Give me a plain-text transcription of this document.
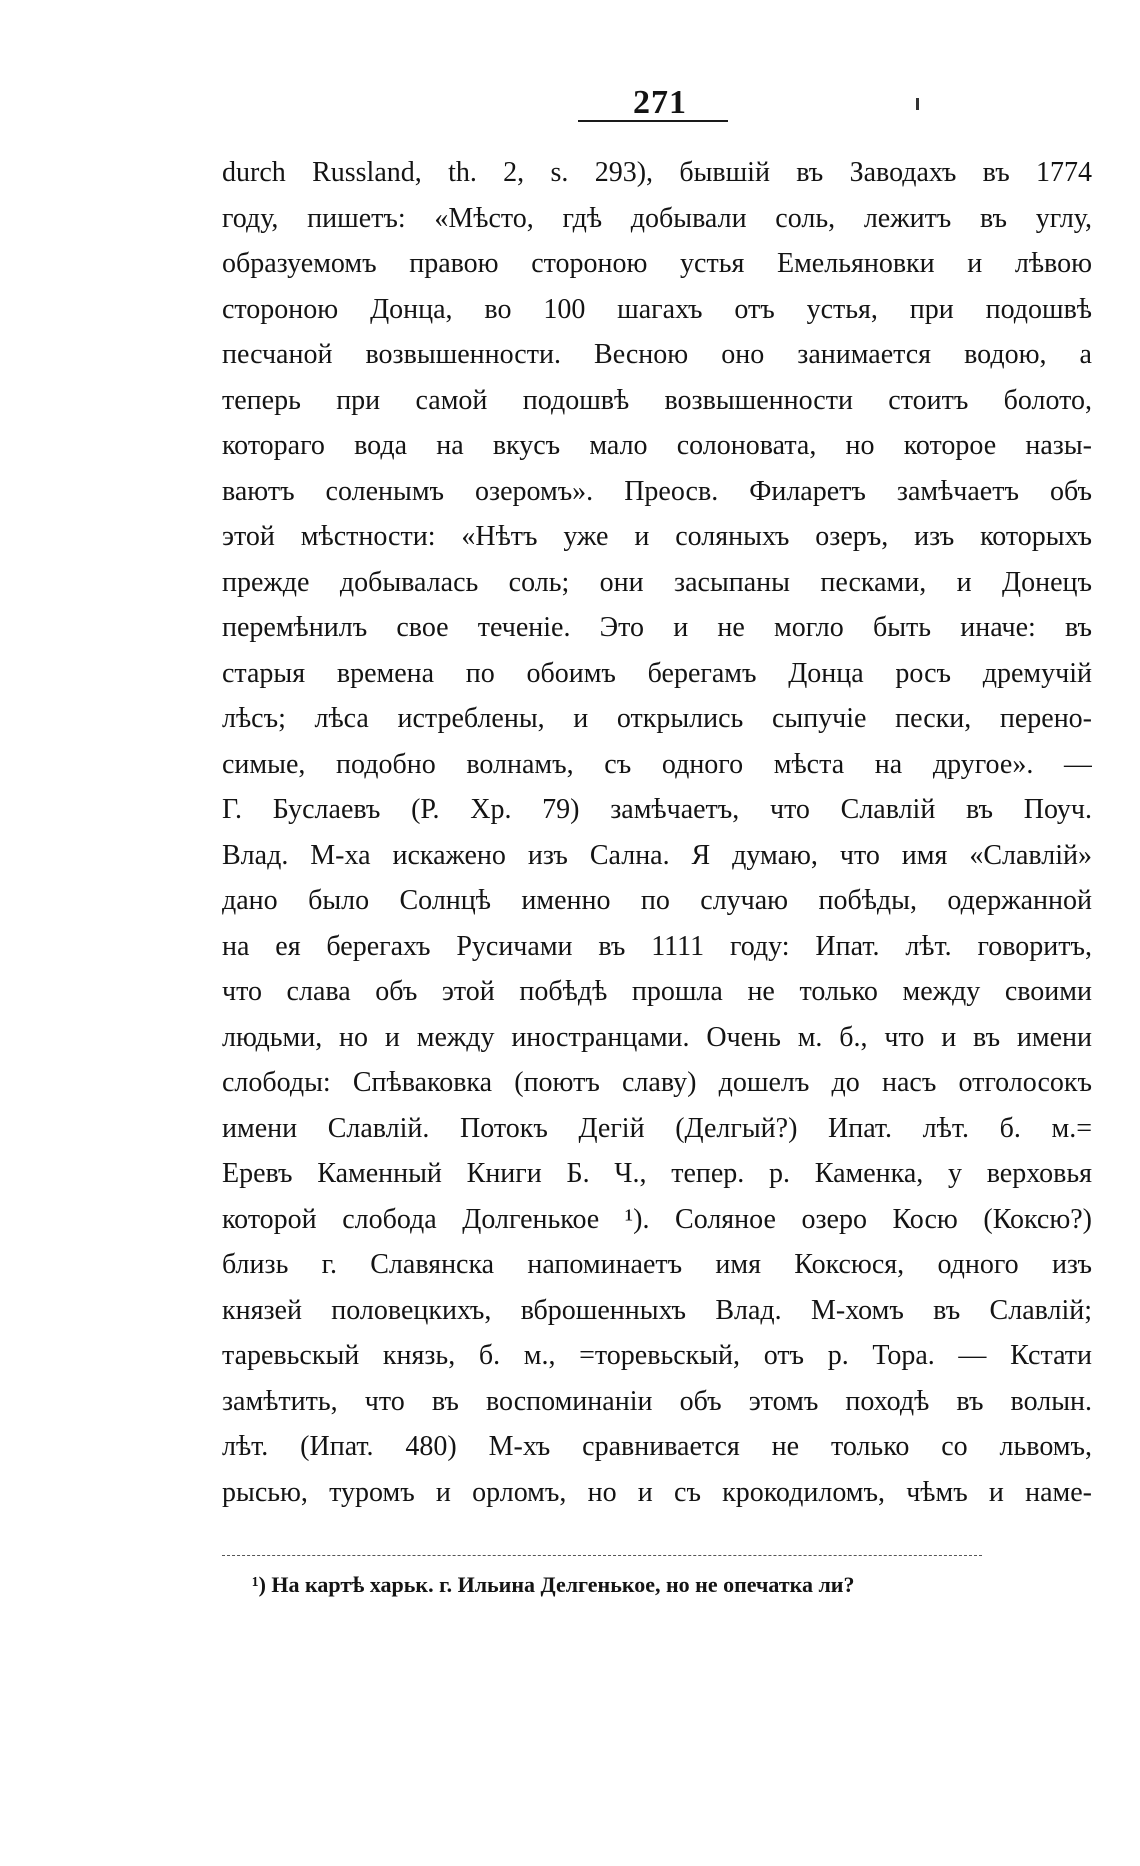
271
durch Russland, th. 2, s. 293), бывшій въ Заводахъ въ 1774
году, пишетъ: «Мѣсто, гдѣ добывали соль, лежитъ въ углу,
образуемомъ правою стороною устья Емельяновки и лѣвою
стороною Донца, во 100 шагахъ отъ устья, при подошвѣ
песчаной возвышенности. Весною оно занимается водою, а
теперь при самой подошвѣ возвышенности стоитъ болото,
котораго вода на вкусъ мало солоновата, но которое назы-
ваютъ соленымъ озеромъ». Преосв. Филаретъ замѣчаетъ объ
этой мѣстности: «Нѣтъ уже и соляныхъ озеръ, изъ которыхъ
прежде добывалась соль; они засыпаны песками, и Донецъ
перемѣнилъ свое теченіе. Это и не могло быть иначе: въ
старыя времена по обоимъ берегамъ Донца росъ дремучій
лѣсъ; лѣса истреблены, и открылись сыпучіе пески, перено-
симые, подобно волнамъ, съ одного мѣста на другое». —
Г. Буслаевъ (Р. Хр. 79) замѣчаетъ, что Славлій въ Поуч.
Влад. М-ха искажено изъ Сална. Я думаю, что имя «Славлій»
дано было Солнцѣ именно по случаю побѣды, одержанной
на ея берегахъ Русичами въ 1111 году: Ипат. лѣт. говоритъ,
что слава объ этой побѣдѣ прошла не только между своими
людьми, но и между иностранцами. Очень м. б., что и въ имени
слободы: Спѣваковка (поютъ славу) дошелъ до насъ отголосокъ
имени Славлій. Потокъ Дегій (Делгый?) Ипат. лѣт. б. м.=
Еревъ Каменный Книги Б. Ч., тепер. р. Каменка, у верховья
которой слобода Долгенькое ¹). Соляное озеро Косю (Коксю?)
близь г. Славянска напоминаетъ имя Коксюся, одного изъ
князей половецкихъ, вброшенныхъ Влад. М-хомъ въ Славлій;
таревьскый князь, б. м., =торевьскый, отъ р. Тора. — Кстати
замѣтить, что въ воспоминаніи объ этомъ походѣ въ волын.
лѣт. (Ипат. 480) М-хъ сравнивается не только со львомъ,
рысью, туромъ и орломъ, но и съ крокодиломъ, чѣмъ и наме-
¹) На картѣ харьк. г. Ильина Делгенькое, но не опечатка ли?
